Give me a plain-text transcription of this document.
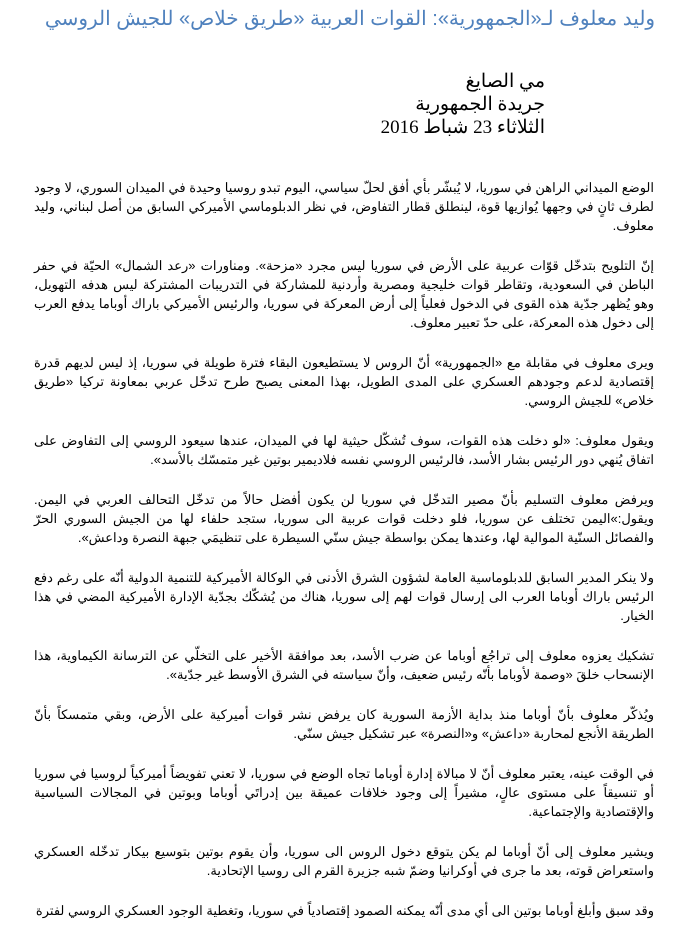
وليد معلوف لـ«الجمهورية»: القوات العربية «طريق خلاص» للجيش الروسي
مي الصايغ
جريدة الجمهورية
الثلاثاء 23 شباط 2016

الوضع الميداني الراهن في سوريا، لا يُبشّر بأي أفق لحلّ سياسي، اليوم تبدو روسيا وحيدة في الميدان السوري، لا وجود لطرف ثانٍ في وجهها يُوازيها قوة، لينطلق قطار التفاوض، في نظر الدبلوماسي الأميركي السابق من أصل لبناني، وليد معلوف.

إنّ التلويح بتدخّل قوّات عربية على الأرض في سوريا ليس مجرد «مزحة». ومناورات «رعد الشمال» الحيّة في حفر الباطن في السعودية، وتقاطر قوات خليجية ومصرية وأردنية للمشاركة في التدريبات المشتركة ليس هدفه التهويل، وهو يُظهر جدّية هذه القوى في الدخول فعلياً إلى أرض المعركة في سوريا، والرئيس الأميركي باراك أوباما يدفع العرب إلى دخول هذه المعركة، على حدّ تعبير معلوف.

ويرى معلوف في مقابلة مع «الجمهورية» أنّ الروس لا يستطيعون البقاء فترة طويلة في سوريا، إذ ليس لديهم قدرة إقتصادية لدعم وجودهم العسكري على المدى الطويل، بهذا المعنى يصبح طرح تدخّل عربي بمعاونة تركيا «طريق خلاص» للجيش الروسي.

ويقول معلوف: «لو دخلت هذه القوات، سوف تُشكّل حيثية لها في الميدان، عندها سيعود الروسي إلى التفاوض على اتفاق يُنهي دور الرئيس بشار الأسد، فالرئيس الروسي نفسه فلاديمير بوتين غير متمسّك بالأسد».

ويرفض معلوف التسليم بأنّ مصير التدخّل في سوريا لن يكون أفضل حالاً من تدخّل التحالف العربي في اليمن. ويقول:»اليمن تختلف عن سوريا، فلو دخلت قوات عربية الى سوريا، ستجد حلفاء لها من الجيش السوري الحرّ والفصائل السنّية الموالية لها، وعندها يمكن بواسطة جيش سنّي السيطرة على تنظيمَي جبهة النصرة وداعش».

ولا ينكر المدير السابق للدبلوماسية العامة لشؤون الشرق الأدنى في الوكالة الأميركية للتنمية الدولية أنّه على رغم دفع الرئيس باراك أوباما العرب الى إرسال قوات لهم إلى سوريا، هناك من يُشكّك بجدّية الإدارة الأميركية المضي في هذا الخيار.

تشكيك يعزوه معلوف إلى تراجُع أوباما عن ضرب الأسد، بعد موافقة الأخير على التخلّي عن الترسانة الكيماوية، هذا الإنسحاب خلقَ «وصمة لأوباما بأنّه رئيس ضعيف، وأنّ سياسته في الشرق الأوسط غير جدّية».

ويُذكّر معلوف بأنّ أوباما منذ بداية الأزمة السورية كان يرفض نشر قوات أميركية على الأرض، وبقي متمسكاً بأنّ الطريقة الأنجع لمحاربة «داعش» و«النصرة» عبر تشكيل جيش سنّي.

في الوقت عينه، يعتبر معلوف أنّ لا مبالاة إدارة أوباما تجاه الوضع في سوريا، لا تعني تفويضاً أميركياً لروسيا في سوريا أو تنسيقاً على مستوى عالٍ، مشيراً إلى وجود خلافات عميقة بين إدراتَي أوباما وبوتين في المجالات السياسية والإقتصادية والإجتماعية.

ويشير معلوف إلى أنّ أوباما لم يكن يتوقع دخول الروس الى سوريا، وأن يقوم بوتين بتوسيع بيكار تدخّله العسكري واستعراض قوته، بعد ما جرى في أوكرانيا وضمّ شبه جزيرة القرم الى روسيا الإتحادية.

وقد سبق وأبلغ أوباما بوتين الى أي مدى أنّه يمكنه الصمود إقتصادياً في سوريا، وتغطية الوجود العسكري الروسي لفترة
